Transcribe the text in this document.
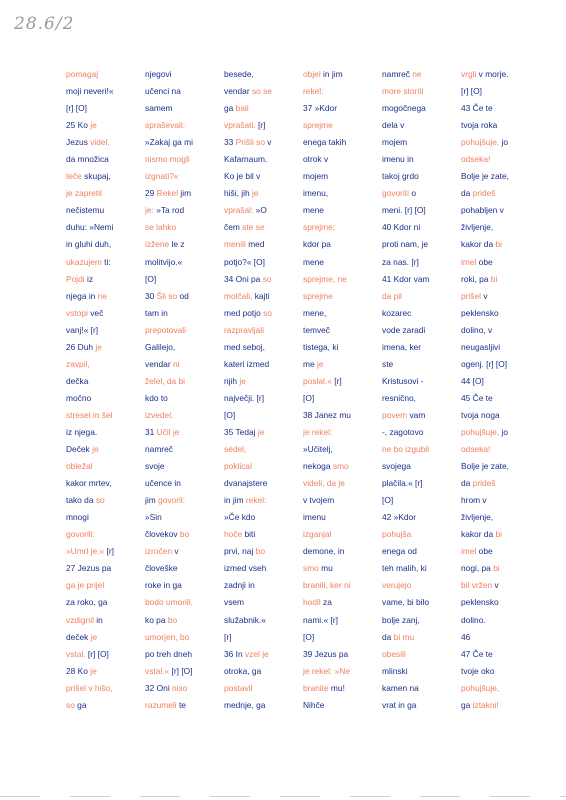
28.6/2
pomagaj
moji neveri!«
[r] [O]
25 Ko je
Jezus videl,
da množica
teče skupaj,
je zapretil
nečistemu
duhu: »Nemi
in gluhi duh,
ukazujem ti:
Pojdi iz
njega in ne
vstopi več
vanj!« [r]
26 Duh je
zavpil,
dečka
močno
stresel in šel
iz njega.
Deček je
obležal
kakor mrtev,
tako da so
mnogi
govorili:
»Umrl je.« [r]
27 Jezus pa
ga je prijel
za roko, ga
vzdignil in
deček je
vstal. [r] [O]
28 Ko je
prišel v hišo,
so ga
njegovi
učenci na
samem
spraševali:
»Zakaj ga mi
nismo mogli
izgnati?«
29 Rekel jim
je: »Ta rod
se lahko
izžene le z
molitvijo.«
[O]
30 Šli so od
tam in
prepotovali
Galilejo,
vendar ni
želel, da bi
kdo to
izvedel.
31 Učil je
namreč
svoje
učence in
jim govoril:
»Sin
človekov bo
izročen v
človeške
roke in ga
bodo umorili,
ko pa bo
umorjen, bo
po treh dneh
vstal.« [r] [O]
32 Oni niso
razumeli te
besede,
vendar so se
ga bali
vprašati. [r]
33 Prišli so v
Kafarnaum.
Ko je bil v
hiši, jih je
vprašal: »O
čem ste se
menili med
potjo?« [O]
34 Oni pa so
molčali, kajti
med potjo so
razpravljali
med seboj,
kateri izmed
njih je
največji. [r]
[O]
35 Tedaj je
sédel,
poklical
dvanajstere
in jim rekel:
»Če kdo
hoče biti
prvi, naj bo
izmed vseh
zadnji in
vsem
služabnik.«
[r]
36 In vzel je
otroka, ga
postavil
mednje, ga
objel in jim
rekel:
37 »Kdor
sprejme
enega takih
otrok v
mojem
imenu,
mene
sprejme;
kdor pa
mene
sprejme, ne
sprejme
mene,
temveč
tistega, ki
me je
poslal.« [r]
[O]
38 Janez mu
je rekel:
»Učitelj,
nekoga smo
videli, da je
v tvojem
imenu
izganjal
demone, in
smo mu
branili, ker ni
hodil za
nami.« [r]
[O]
39 Jezus pa
je rekel: »Ne
branite mu!
Nihče
namreč ne
more storiti
mogočnega
dela v
mojem
imenu in
takoj grdo
govoriti o
meni. [r] [O]
40 Kdor ni
proti nam, je
za nas. [r]
41 Kdor vam
da pil
kozarec
vode zaradi
imena, ker
ste
Kristusovi -
resnično,
povem vam
-, zagotovo
ne bo izgubil
svojega
plačila.« [r]
[O]
42 »Kdor
pohujša
enega od
teh malih, ki
verujejo
vame, bi bilo
bolje zanj,
da bi mu
obesili
mlinski
kamen na
vrat in ga
vrgli v morje.
[r] [O]
43 Če te
tvoja roka
pohujšuje, jo
odseka!
Bolje je zate,
da prideš
pohabljen v
življenje,
kakor da bi
imel obe
roki, pa bi
prišel v
peklensko
dolino, v
neugasljivi
ogenj. [r] [O]
44 [O]
45 Če te
tvoja noga
pohujšuje, jo
odseka!
Bolje je zate,
da prideš
hrom v
življenje,
kakor da bi
imel obe
nogi, pa bi
bil vržen v
peklensko
dolino.
46
47 Če te
tvoje oko
pohujšuje,
ga iztakni!
